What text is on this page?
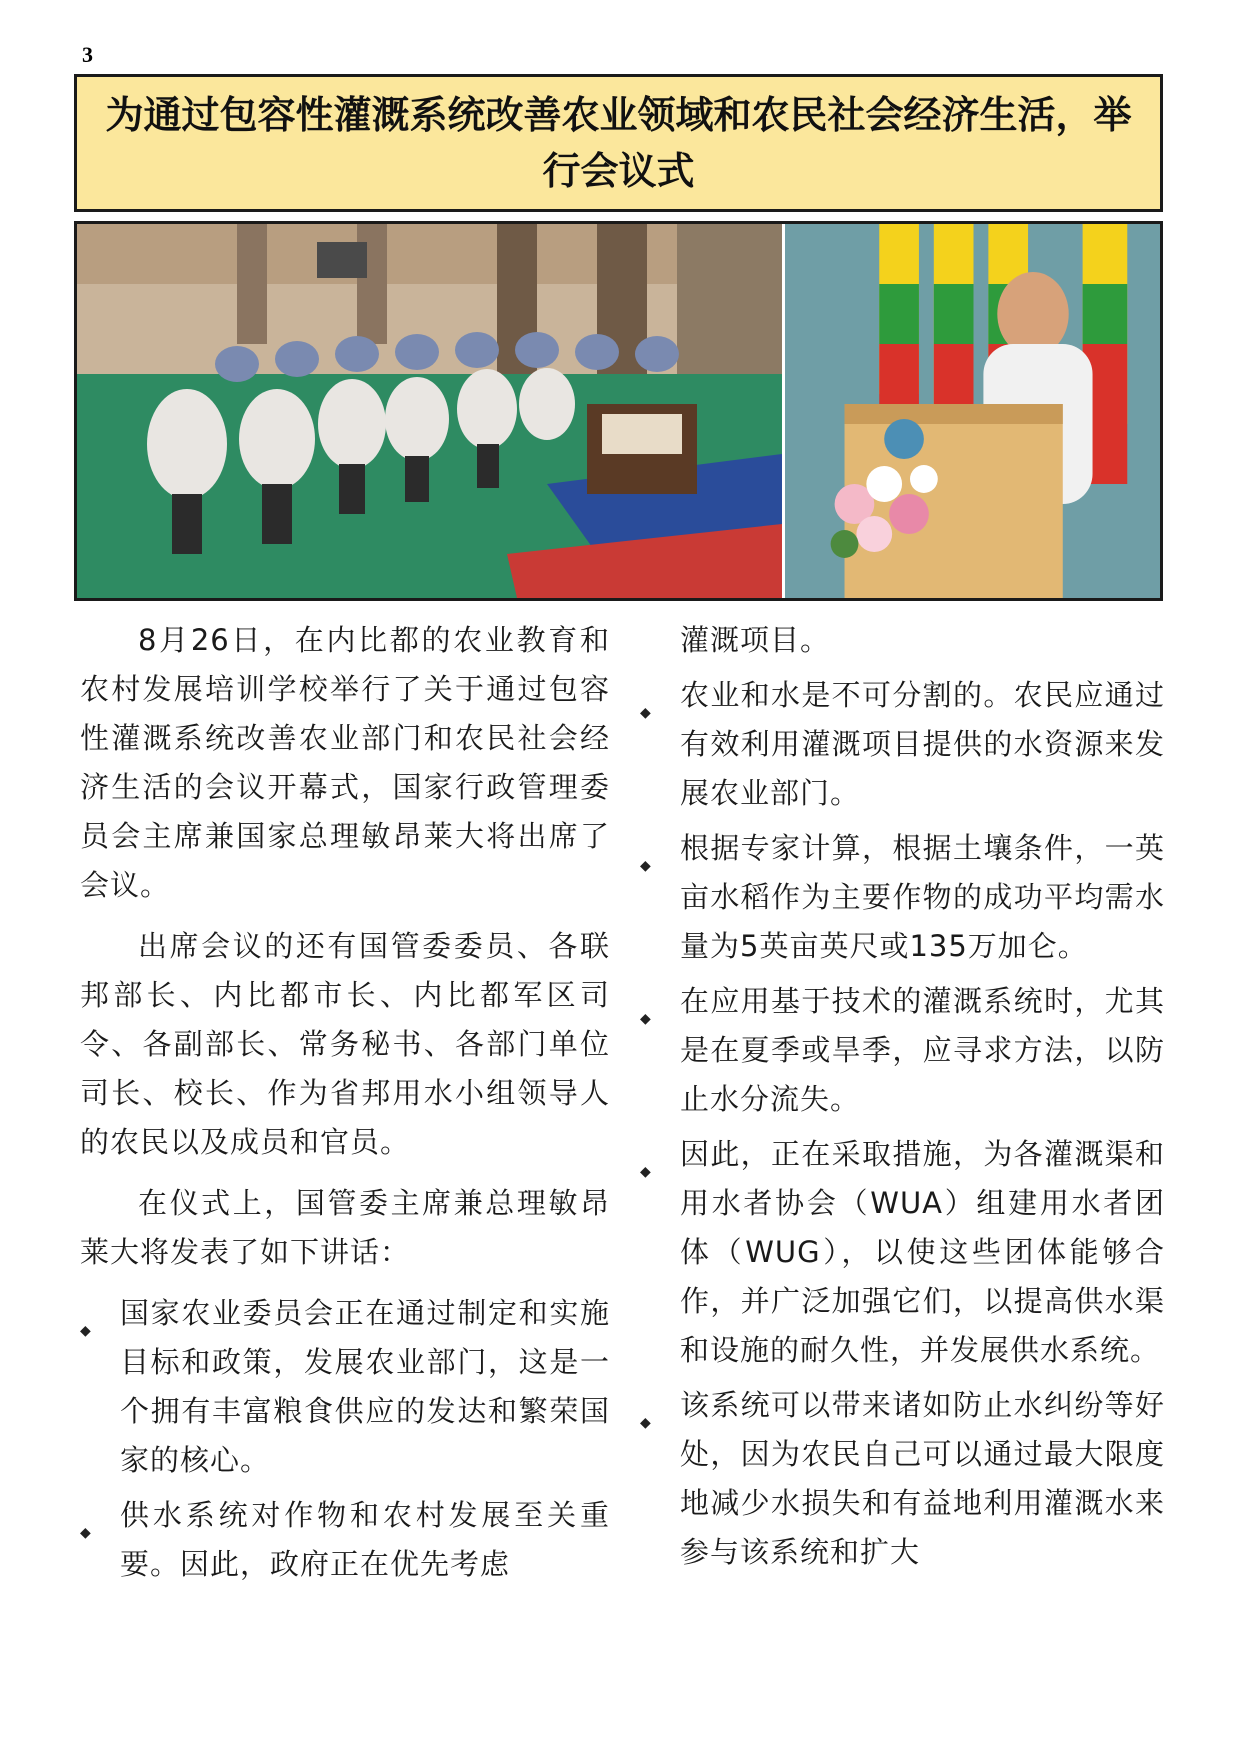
3
为通过包容性灌溉系统改善农业领域和农民社会经济生活，举行会议式

8月26日，在内比都的农业教育和农村发展培训学校举行了关于通过包容性灌溉系统改善农业部门和农民社会经济生活的会议开幕式，国家行政管理委员会主席兼国家总理敏昂莱大将出席了会议。

出席会议的还有国管委委员、各联邦部长、内比都市长、内比都军区司令、各副部长、常务秘书、各部门单位司长、校长、作为省邦用水小组领导人的农民以及成员和官员。

在仪式上，国管委主席兼总理敏昂莱大将发表了如下讲话：

◆
国家农业委员会正在通过制定和实施目标和政策，发展农业部门，这是一个拥有丰富粮食供应的发达和繁荣国家的核心。
◆
供水系统对作物和农村发展至关重要。因此，政府正在优先考虑
灌溉项目。
◆
农业和水是不可分割的。农民应通过有效利用灌溉项目提供的水资源来发展农业部门。
◆
根据专家计算，根据土壤条件，一英亩水稻作为主要作物的成功平均需水量为5英亩英尺或135万加仑。
◆
在应用基于技术的灌溉系统时，尤其是在夏季或旱季，应寻求方法，以防止水分流失。
◆
因此，正在采取措施，为各灌溉渠和用水者协会（WUA）组建用水者团体（WUG），以使这些团体能够合作，并广泛加强它们，以提高供水渠和设施的耐久性，并发展供水系统。
◆
该系统可以带来诸如防止水纠纷等好处，因为农民自己可以通过最大限度地减少水损失和有益地利用灌溉水来参与该系统和扩大
